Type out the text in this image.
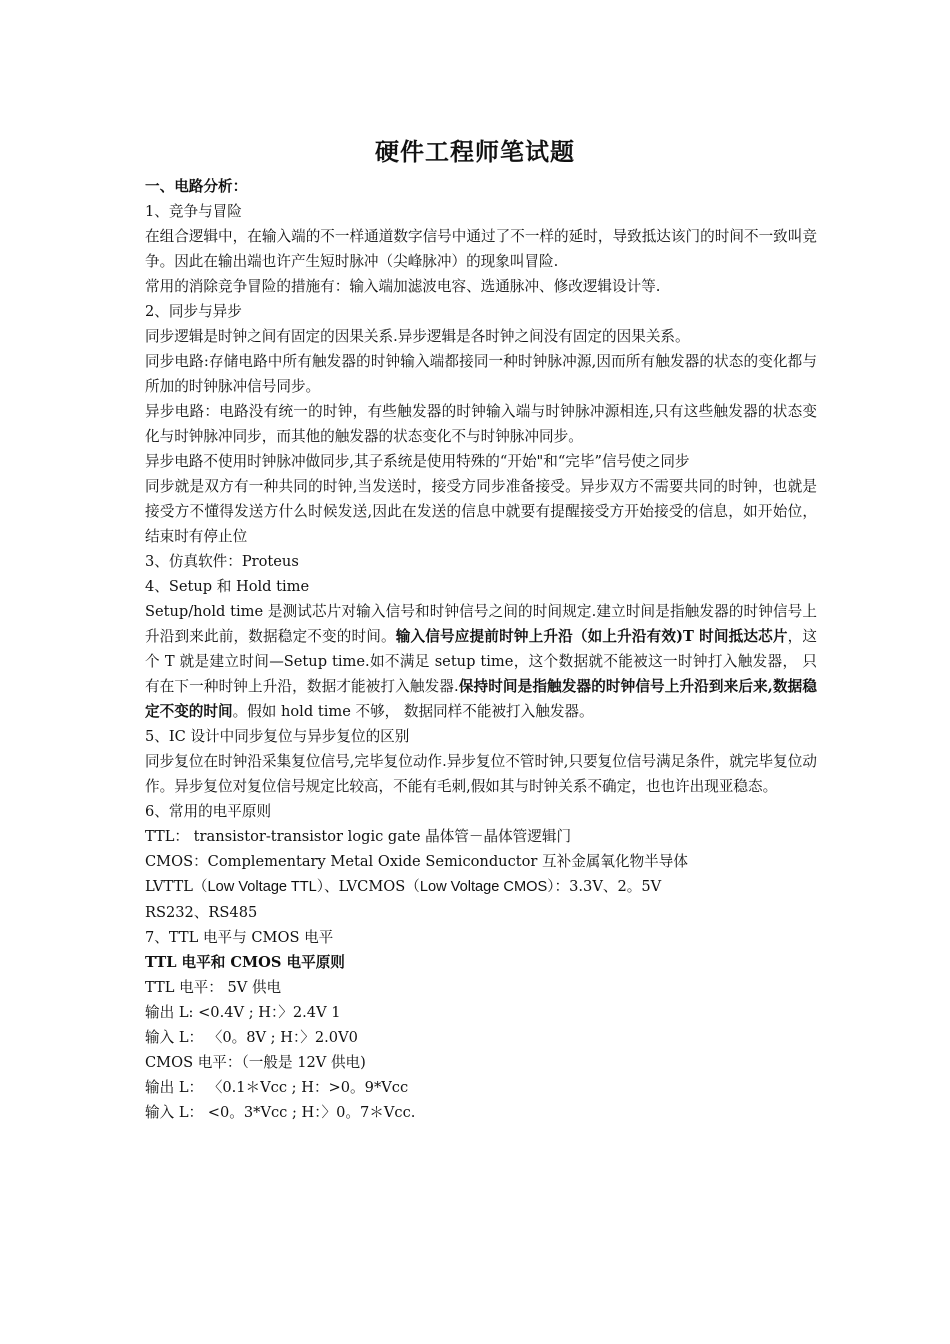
硬件工程师笔试题

一、电路分析：

1、竞争与冒险

在组合逻辑中，在输入端的不一样通道数字信号中通过了不一样的延时，导致抵达该门的时间不一致叫竞争。因此在输出端也许产生短时脉冲（尖峰脉冲）的现象叫冒险.

常用的消除竞争冒险的措施有：输入端加滤波电容、选通脉冲、修改逻辑设计等.

2、同步与异步

同步逻辑是时钟之间有固定的因果关系.异步逻辑是各时钟之间没有固定的因果关系。

同步电路:存储电路中所有触发器的时钟输入端都接同一种时钟脉冲源,因而所有触发器的状态的变化都与所加的时钟脉冲信号同步。

异步电路：电路没有统一的时钟，有些触发器的时钟输入端与时钟脉冲源相连,只有这些触发器的状态变化与时钟脉冲同步，而其他的触发器的状态变化不与时钟脉冲同步。

异步电路不使用时钟脉冲做同步,其子系统是使用特殊的“开始"和“完毕”信号使之同步

同步就是双方有一种共同的时钟,当发送时，接受方同步准备接受。异步双方不需要共同的时钟，也就是接受方不懂得发送方什么时候发送,因此在发送的信息中就要有提醒接受方开始接受的信息，如开始位，结束时有停止位

3、仿真软件：Proteus

4、Setup 和 Hold time

Setup/hold time 是测试芯片对输入信号和时钟信号之间的时间规定.建立时间是指触发器的时钟信号上升沿到来此前，数据稳定不变的时间。输入信号应提前时钟上升沿（如上升沿有效)T 时间抵达芯片，这个 T 就是建立时间—Setup time.如不满足 setup time，这个数据就不能被这一时钟打入触发器， 只有在下一种时钟上升沿，数据才能被打入触发器.保持时间是指触发器的时钟信号上升沿到来后来,数据稳定不变的时间。假如 hold time 不够， 数据同样不能被打入触发器。

5、IC 设计中同步复位与异步复位的区别

同步复位在时钟沿采集复位信号,完毕复位动作.异步复位不管时钟,只要复位信号满足条件，就完毕复位动作。异步复位对复位信号规定比较高，不能有毛刺,假如其与时钟关系不确定，也也许出现亚稳态。

6、常用的电平原则

TTL： transistor-transistor logic gate 晶体管－晶体管逻辑门

CMOS：Complementary Metal Oxide Semiconductor 互补金属氧化物半导体

LVTTL（Low Voltage TTL）、LVCMOS（Low Voltage CMOS）：3.3V、2。5V

RS232、RS485

7、TTL 电平与 CMOS 电平

TTL 电平和 CMOS 电平原则

TTL 电平： 5V 供电

输出 L: <0.4V ; H：〉2.4V 1

输入 L： 〈0。8V ; H：〉2.0V0

CMOS 电平：（一般是 12V 供电)

输出 L： 〈0.1＊Vcc ; H：>0。9*Vcc

输入 L： <0。3*Vcc ; H：〉0。7＊Vcc.
